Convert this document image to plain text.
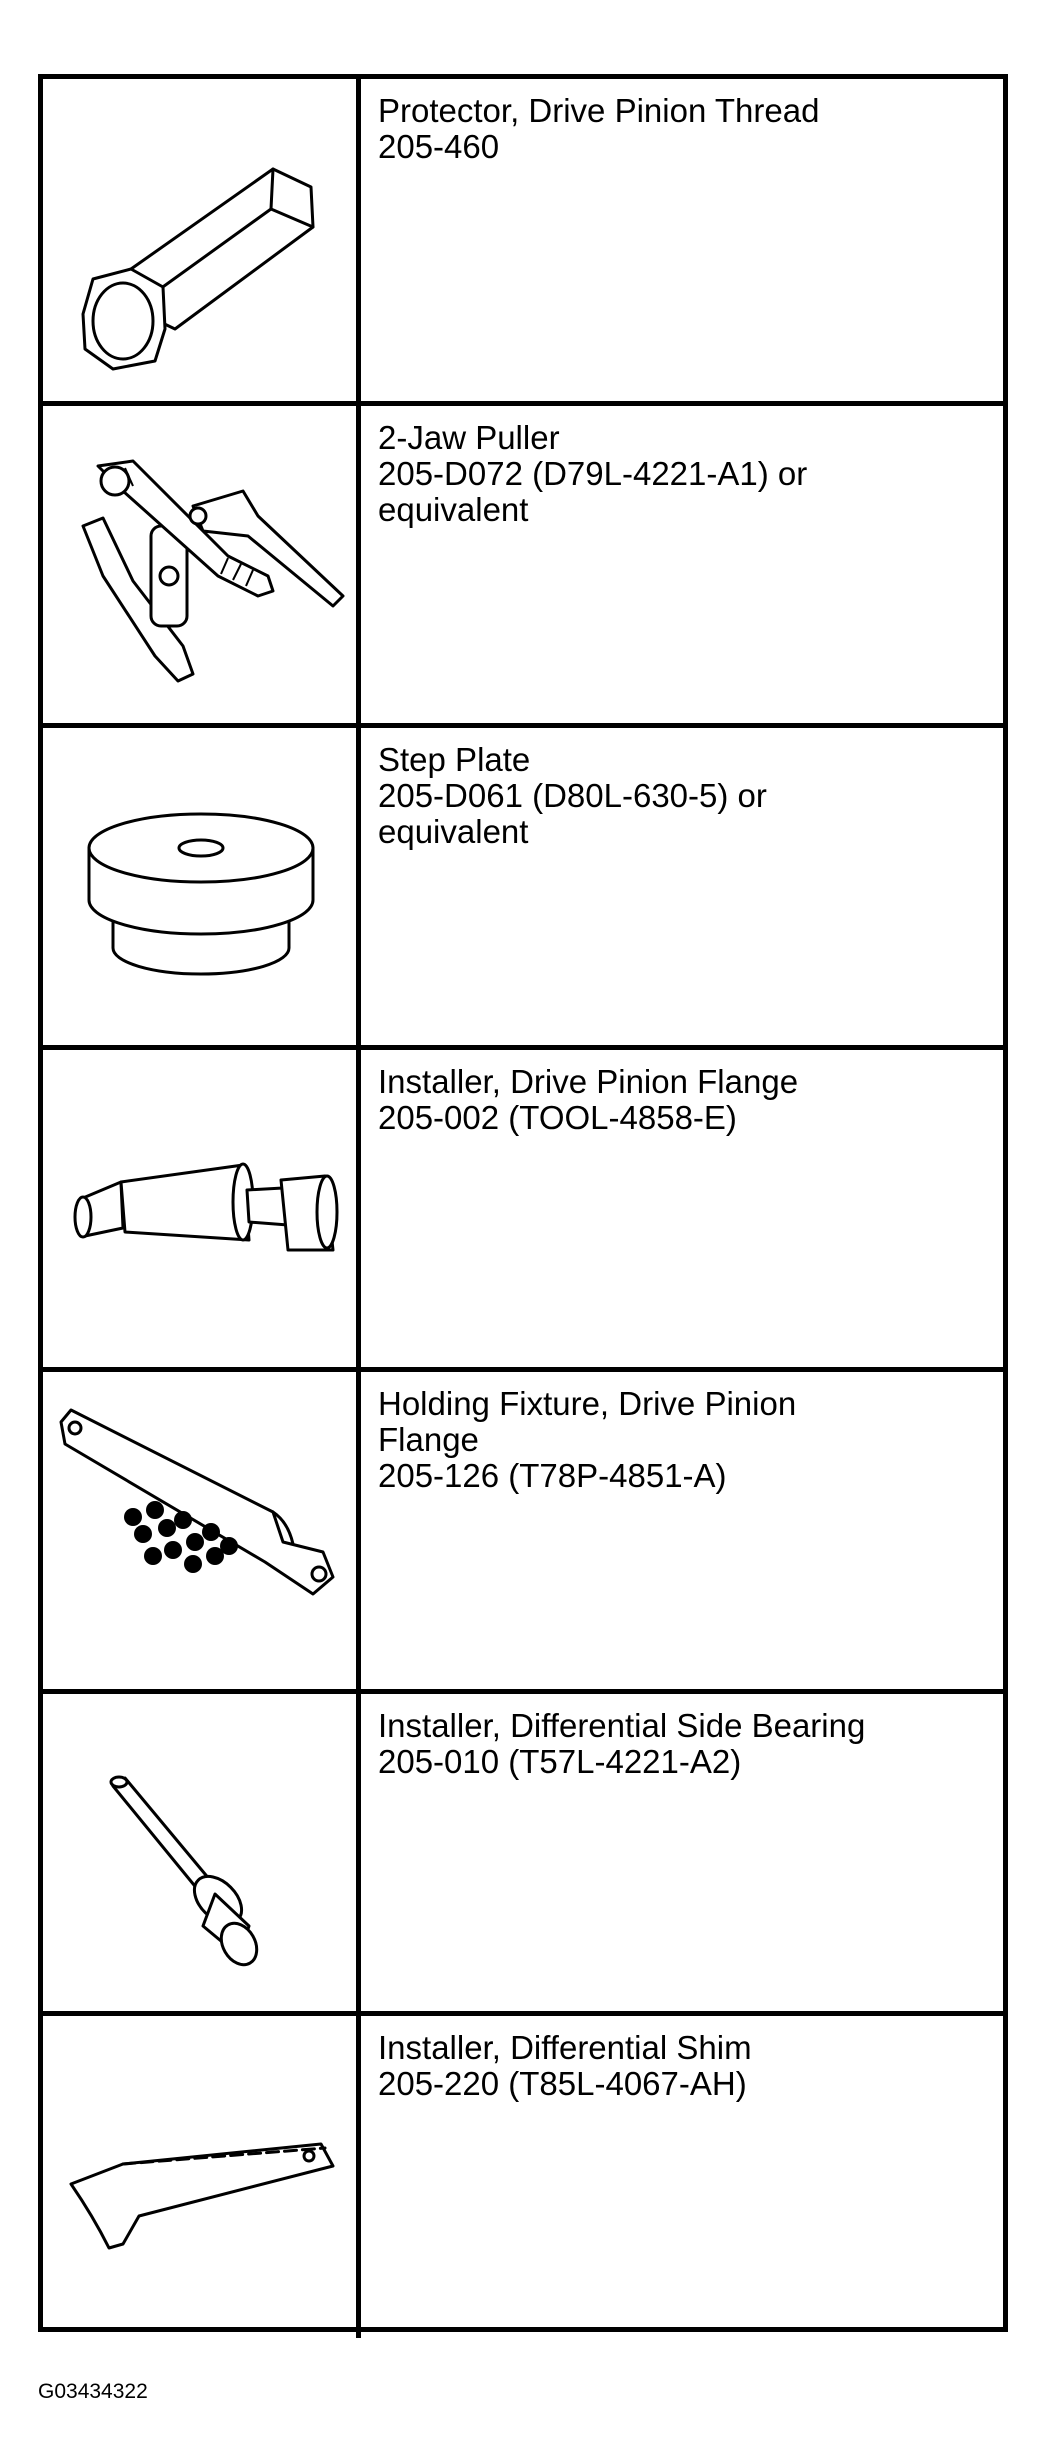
Protector, Drive Pinion Thread
205-460
2-Jaw Puller
205-D072 (D79L-4221-A1) or
equivalent
Step Plate
205-D061 (D80L-630-5) or
equivalent
Installer, Drive Pinion Flange
205-002 (TOOL-4858-E)
Holding Fixture, Drive Pinion
Flange
205-126 (T78P-4851-A)
Installer, Differential Side Bearing
205-010 (T57L-4221-A2)
Installer, Differential Shim
205-220 (T85L-4067-AH)
G03434322
